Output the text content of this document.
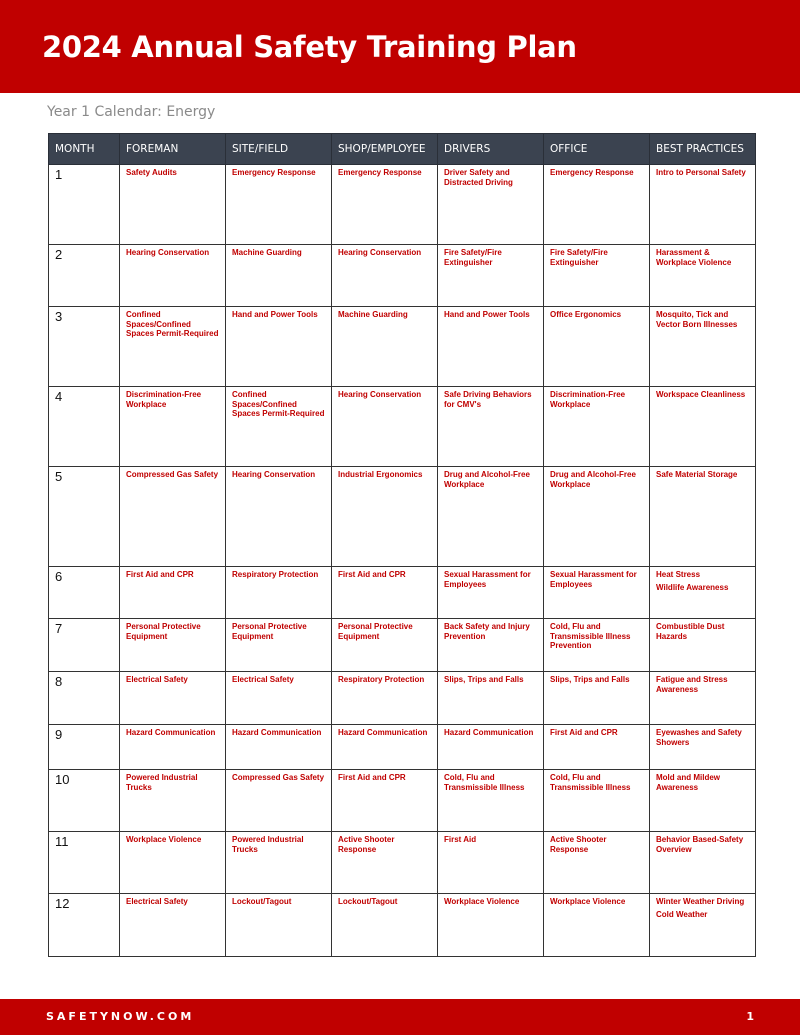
2024 Annual Safety Training Plan
Year 1 Calendar: Energy
MONTH	FOREMAN	SITE/FIELD	SHOP/EMPLOYEE	DRIVERS	OFFICE	BEST PRACTICES
1	Safety Audits	Emergency Response	Emergency Response	Driver Safety and Distracted Driving	Emergency Response	Intro to Personal Safety

2	Hearing Conservation	Machine Guarding	Hearing Conservation	Fire Safety/Fire Extinguisher	Fire Safety/Fire Extinguisher	Harassment & Workplace Violence

3	Confined Spaces/Confined Spaces Permit-Required	Hand and Power Tools	Machine Guarding	Hand and Power Tools	Office Ergonomics	Mosquito, Tick and Vector Born Illnesses

4	Discrimination-Free Workplace	Confined Spaces/Confined Spaces Permit-Required	Hearing Conservation	Safe Driving Behaviors for CMV's	Discrimination-Free Workplace	Workspace Cleanliness

5	Compressed Gas Safety	Hearing Conservation	Industrial Ergonomics	Drug and Alcohol-Free Workplace	Drug and Alcohol-Free Workplace	Safe Material Storage

6	First Aid and CPR	Respiratory Protection	First Aid and CPR	Sexual Harassment for Employees	Sexual Harassment for Employees	Heat Stress
Wildlife Awareness

7	Personal Protective Equipment	Personal Protective Equipment	Personal Protective Equipment	Back Safety and Injury Prevention	Cold, Flu and Transmissible Illness Prevention	Combustible Dust Hazards

8	Electrical Safety	Electrical Safety	Respiratory Protection	Slips, Trips and Falls	Slips, Trips and Falls	Fatigue and Stress Awareness

9	Hazard Communication	Hazard Communication	Hazard Communication	Hazard Communication	First Aid and CPR	Eyewashes and Safety Showers

10	Powered Industrial Trucks	Compressed Gas Safety	First Aid and CPR	Cold, Flu and Transmissible Illness	Cold, Flu and Transmissible Illness	Mold and Mildew Awareness

11	Workplace Violence	Powered Industrial Trucks	Active Shooter Response	First Aid	Active Shooter Response	Behavior Based-Safety Overview

12	Electrical Safety	Lockout/Tagout	Lockout/Tagout	Workplace Violence	Workplace Violence	Winter Weather Driving
Cold Weather
SAFETYNOW.COM	1
